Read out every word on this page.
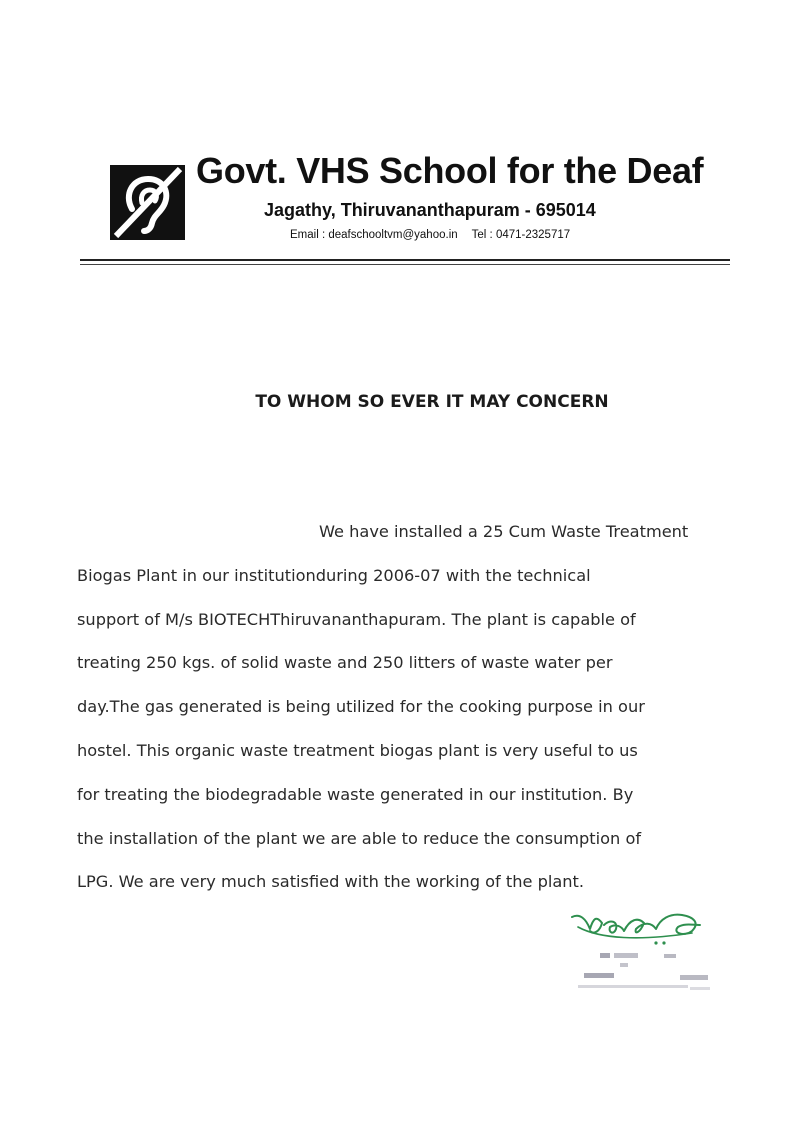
Govt. VHS School for the Deaf
Jagathy, Thiruvananthapuram - 695014
Email : deafschooltvm@yahoo.in Tel : 0471-2325717
TO WHOM SO EVER IT MAY CONCERN
We have installed a 25 Cum Waste Treatment
Biogas Plant in our institutionduring 2006-07 with the technical
support of M/s BIOTECHThiruvananthapuram. The plant is capable of
treating 250 kgs. of solid waste and 250 litters of waste water per
day.The gas generated is being utilized for the cooking purpose in our
hostel. This organic waste treatment biogas plant is very useful to us
for treating the biodegradable waste generated in our institution. By
the installation of the plant we are able to reduce the consumption of
LPG. We are very much satisfied with the working of the plant.
